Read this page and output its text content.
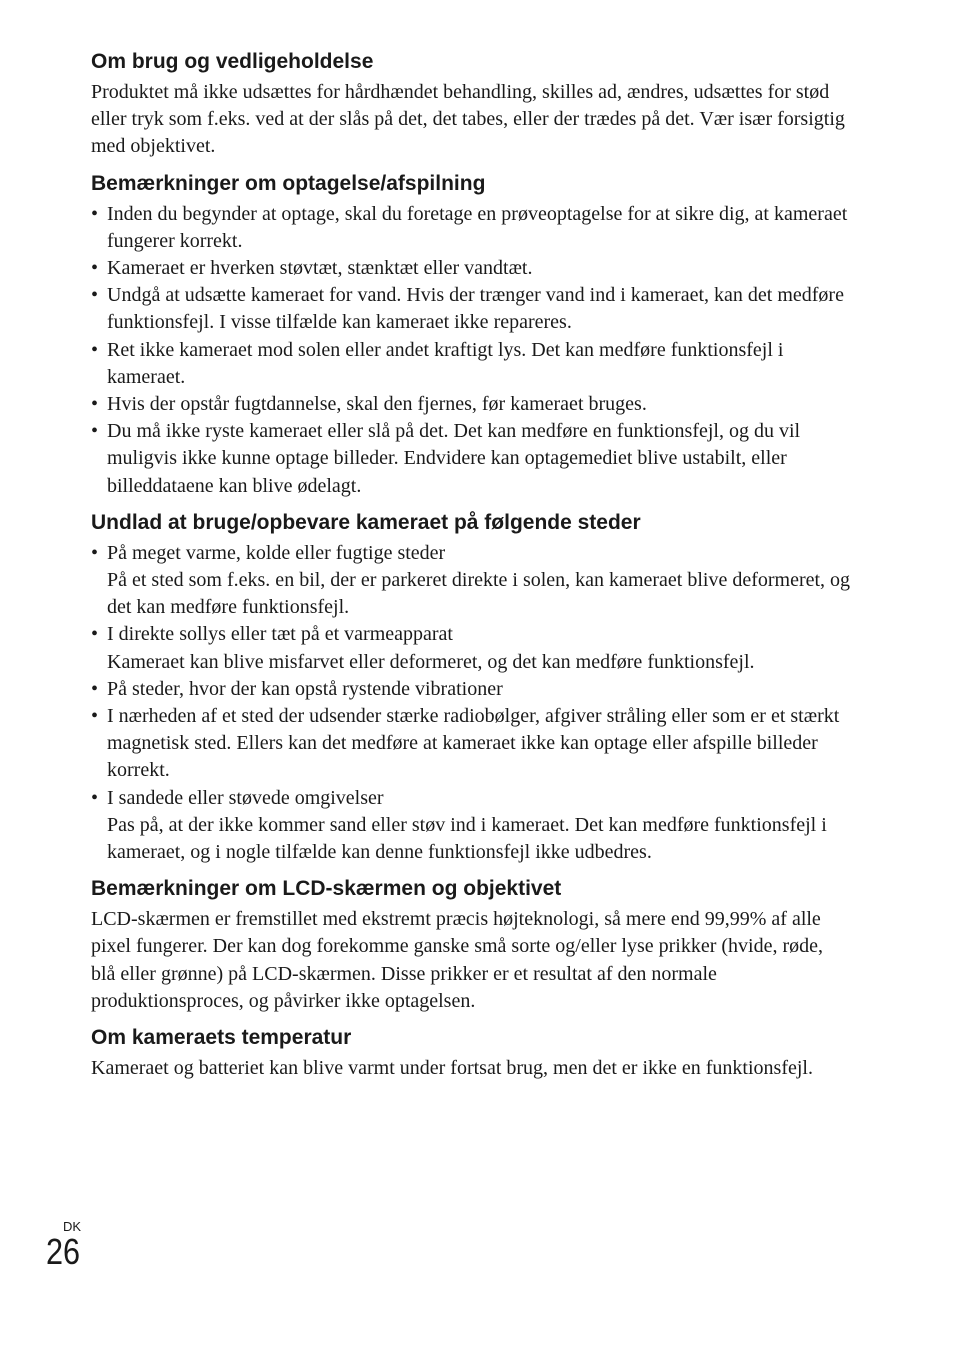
Om brug og vedligeholdelse

Produktet må ikke udsættes for hårdhændet behandling, skilles ad, ændres, udsættes for stød eller tryk som f.eks. ved at der slås på det, det tabes, eller der trædes på det. Vær især forsigtig med objektivet.

Bemærkninger om optagelse/afspilning
• Inden du begynder at optage, skal du foretage en prøveoptagelse for at sikre dig, at kameraet fungerer korrekt.
• Kameraet er hverken støvtæt, stænktæt eller vandtæt.
• Undgå at udsætte kameraet for vand. Hvis der trænger vand ind i kameraet, kan det medføre funktionsfejl. I visse tilfælde kan kameraet ikke repareres.
• Ret ikke kameraet mod solen eller andet kraftigt lys. Det kan medføre funktionsfejl i kameraet.
• Hvis der opstår fugtdannelse, skal den fjernes, før kameraet bruges.
• Du må ikke ryste kameraet eller slå på det. Det kan medføre en funktionsfejl, og du vil muligvis ikke kunne optage billeder. Endvidere kan optagemediet blive ustabilt, eller billeddataene kan blive ødelagt.
Undlad at bruge/opbevare kameraet på følgende steder
• På meget varme, kolde eller fugtige steder
På et sted som f.eks. en bil, der er parkeret direkte i solen, kan kameraet blive deformeret, og det kan medføre funktionsfejl.
• I direkte sollys eller tæt på et varmeapparat
Kameraet kan blive misfarvet eller deformeret, og det kan medføre funktionsfejl.
• På steder, hvor der kan opstå rystende vibrationer
• I nærheden af et sted der udsender stærke radiobølger, afgiver stråling eller som er et stærkt magnetisk sted. Ellers kan det medføre at kameraet ikke kan optage eller afspille billeder korrekt.
• I sandede eller støvede omgivelser
Pas på, at der ikke kommer sand eller støv ind i kameraet. Det kan medføre funktionsfejl i kameraet, og i nogle tilfælde kan denne funktionsfejl ikke udbedres.
Bemærkninger om LCD-skærmen og objektivet

LCD-skærmen er fremstillet med ekstremt præcis højteknologi, så mere end 99,99% af alle pixel fungerer. Der kan dog forekomme ganske små sorte og/eller lyse prikker (hvide, røde, blå eller grønne) på LCD-skærmen. Disse prikker er et resultat af den normale produktionsproces, og påvirker ikke optagelsen.

Om kameraets temperatur

Kameraet og batteriet kan blive varmt under fortsat brug, men det er ikke en funktionsfejl.

DK
26
